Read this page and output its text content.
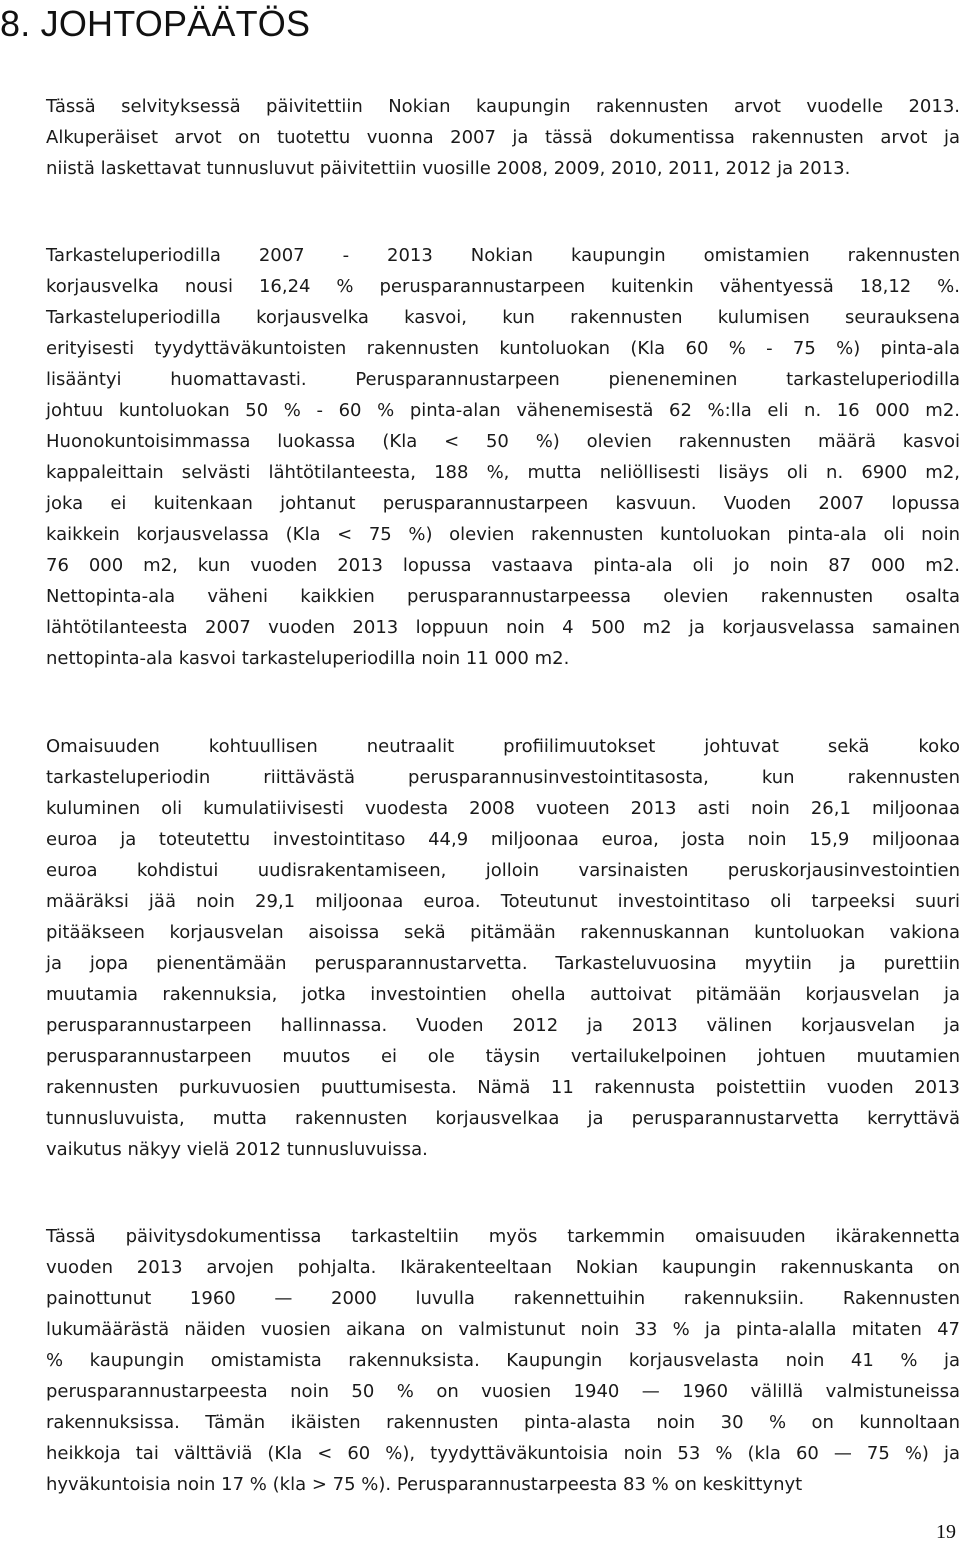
8. JOHTOPÄÄTÖS
Tässä selvityksessä päivitettiin Nokian kaupungin rakennusten arvot vuodelle 2013.
Alkuperäiset arvot on tuotettu vuonna 2007 ja tässä dokumentissa rakennusten arvot ja
niistä laskettavat tunnusluvut päivitettiin vuosille 2008, 2009, 2010, 2011, 2012 ja 2013.
Tarkasteluperiodilla 2007 - 2013 Nokian kaupungin omistamien rakennusten
korjausvelka nousi 16,24 % perusparannustarpeen kuitenkin vähentyessä 18,12 %.
Tarkasteluperiodilla korjausvelka kasvoi, kun rakennusten kulumisen seurauksena
erityisesti tyydyttäväkuntoisten rakennusten kuntoluokan (Kla 60 % - 75 %) pinta-ala
lisääntyi huomattavasti. Perusparannustarpeen pieneneminen tarkasteluperiodilla
johtuu kuntoluokan 50 % - 60 % pinta-alan vähenemisestä 62 %:lla eli n. 16 000 m2.
Huonokuntoisimmassa luokassa (Kla < 50 %) olevien rakennusten määrä kasvoi
kappaleittain selvästi lähtötilanteesta, 188 %, mutta neliöllisesti lisäys oli n. 6900 m2,
joka ei kuitenkaan johtanut perusparannustarpeen kasvuun. Vuoden 2007 lopussa
kaikkein korjausvelassa (Kla < 75 %) olevien rakennusten kuntoluokan pinta-ala oli noin
76 000 m2, kun vuoden 2013 lopussa vastaava pinta-ala oli jo noin 87 000 m2.
Nettopinta-ala väheni kaikkien perusparannustarpeessa olevien rakennusten osalta
lähtötilanteesta 2007 vuoden 2013 loppuun noin 4 500 m2 ja korjausvelassa samainen
nettopinta-ala kasvoi tarkasteluperiodilla noin 11 000 m2.
Omaisuuden kohtuullisen neutraalit profiilimuutokset johtuvat sekä koko
tarkasteluperiodin riittävästä perusparannusinvestointitasosta, kun rakennusten
kuluminen oli kumulatiivisesti vuodesta 2008 vuoteen 2013 asti noin 26,1 miljoonaa
euroa ja toteutettu investointitaso 44,9 miljoonaa euroa, josta noin 15,9 miljoonaa
euroa kohdistui uudisrakentamiseen, jolloin varsinaisten peruskorjausinvestointien
määräksi jää noin 29,1 miljoonaa euroa. Toteutunut investointitaso oli tarpeeksi suuri
pitääkseen korjausvelan aisoissa sekä pitämään rakennuskannan kuntoluokan vakiona
ja jopa pienentämään perusparannustarvetta. Tarkasteluvuosina myytiin ja purettiin
muutamia rakennuksia, jotka investointien ohella auttoivat pitämään korjausvelan ja
perusparannustarpeen hallinnassa. Vuoden 2012 ja 2013 välinen korjausvelan ja
perusparannustarpeen muutos ei ole täysin vertailukelpoinen johtuen muutamien
rakennusten purkuvuosien puuttumisesta. Nämä 11 rakennusta poistettiin vuoden 2013
tunnusluvuista, mutta rakennusten korjausvelkaa ja perusparannustarvetta kerryttävä
vaikutus näkyy vielä 2012 tunnusluvuissa.
Tässä päivitysdokumentissa tarkasteltiin myös tarkemmin omaisuuden ikärakennetta
vuoden 2013 arvojen pohjalta. Ikärakenteeltaan Nokian kaupungin rakennuskanta on
painottunut 1960 — 2000 luvulla rakennettuihin rakennuksiin. Rakennusten
lukumäärästä näiden vuosien aikana on valmistunut noin 33 % ja pinta-alalla mitaten 47
% kaupungin omistamista rakennuksista. Kaupungin korjausvelasta noin 41 % ja
perusparannustarpeesta noin 50 % on vuosien 1940 — 1960 välillä valmistuneissa
rakennuksissa. Tämän ikäisten rakennusten pinta-alasta noin 30 % on kunnoltaan
heikkoja tai välttäviä (Kla < 60 %), tyydyttäväkuntoisia noin 53 % (kla 60 — 75 %) ja
hyväkuntoisia noin 17 % (kla > 75 %). Perusparannustarpeesta 83 % on keskittynyt
19
